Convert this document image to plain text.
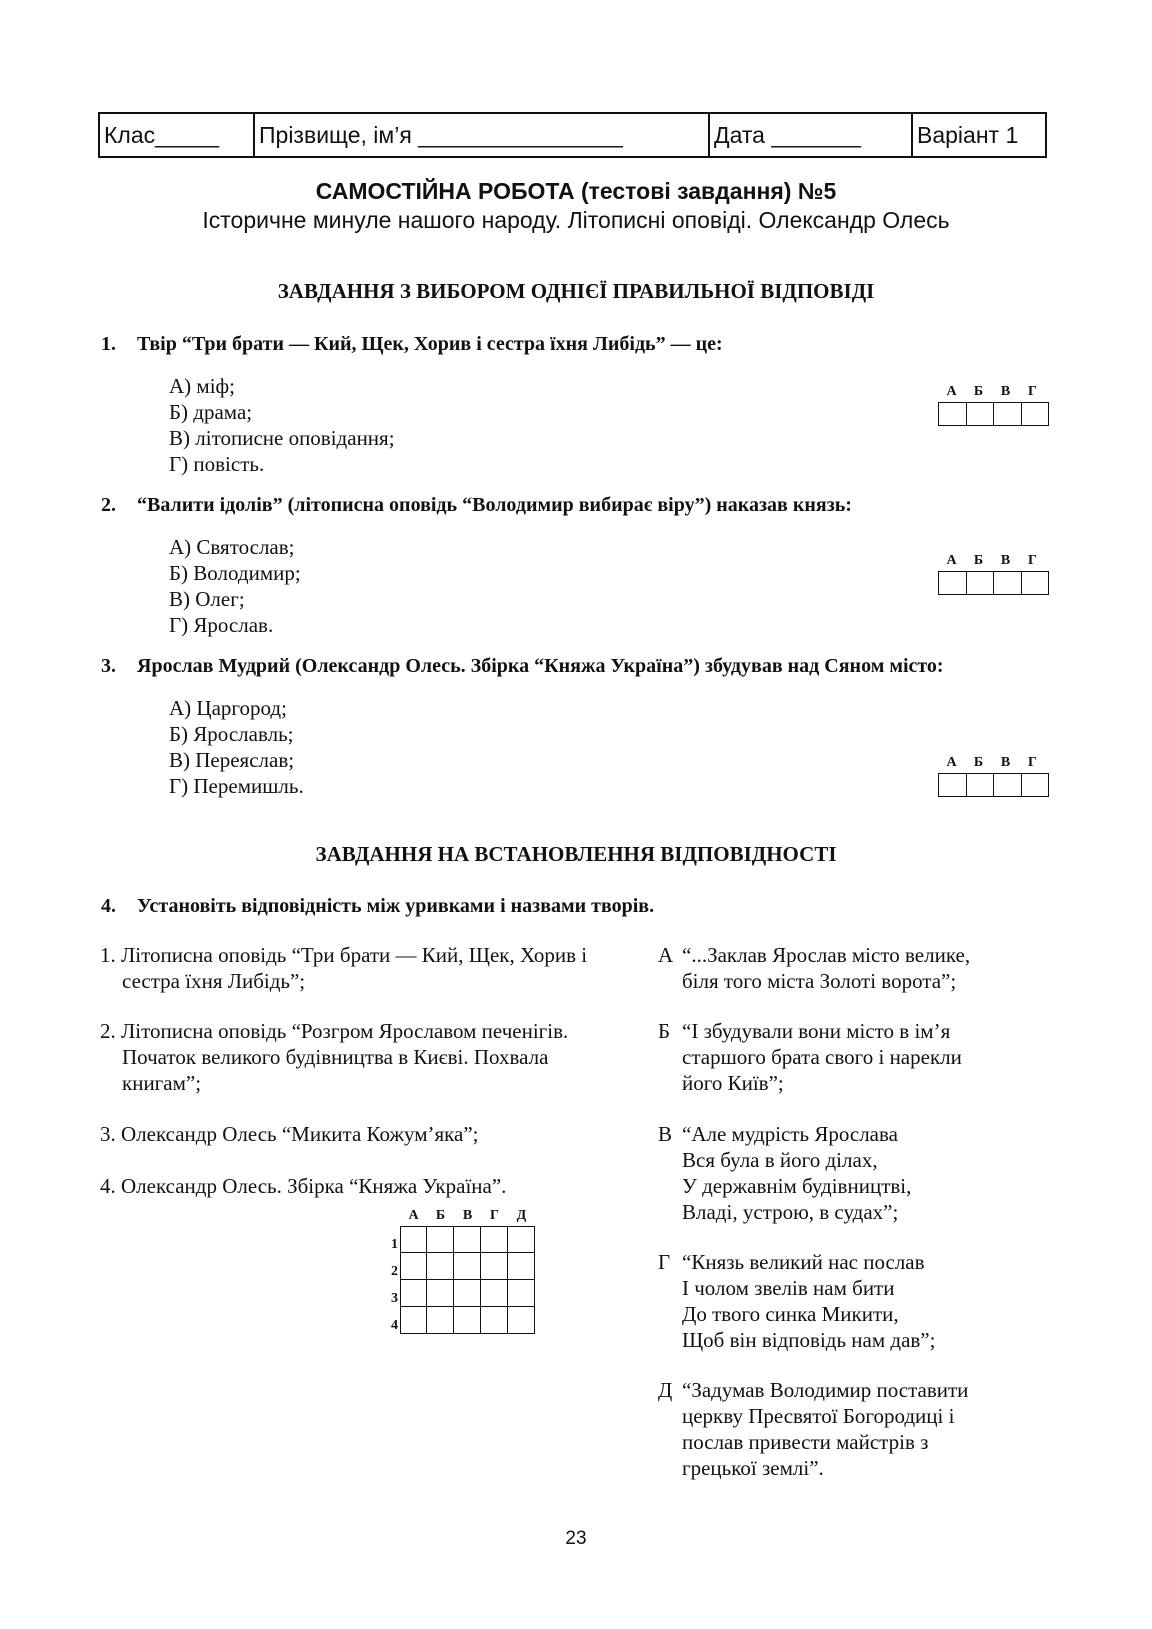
Клас_____ Прізвище, ім’я ________________	Дата _______ Варіант 1
САМОСТІЙНА РОБОТА (тестові завдання) №5
Історичне минуле нашого народу. Літописні оповіді. Олександр Олесь
ЗАВДАННЯ З ВИБОРОМ ОДНІЄЇ ПРАВИЛЬНОЇ ВІДПОВІДІ
1. Твір “Три брати — Кий, Щек, Хорив і сестра їхня Либідь” — це:
А) міф;
Б) драма;
В) літописне оповідання;
Г) повість.
А	Б	В	Г
2. “Валити ідолів” (літописна оповідь “Володимир вибирає віру”) наказав князь:
А) Святослав;
Б) Володимир;
В) Олег;
Г) Ярослав.
А	Б	В	Г
3. Ярослав Мудрий (Олександр Олесь. Збірка “Княжа Україна”) збудував над Сяном місто:
А) Царгород;
Б) Ярославль;
В) Переяслав;
Г) Перемишль.
А	Б	В	Г
ЗАВДАННЯ НА ВСТАНОВЛЕННЯ ВІДПОВІДНОСТІ
4. Установіть відповідність між уривками і назвами творів.
1. Літописна оповідь “Три брати — Кий, Щек, Хорив і сестра їхня Либідь”;
2. Літописна оповідь “Розгром Ярославом печенігів. Початок великого будівництва в Києві. Похвала книгам”;
3. Олександр Олесь “Микита Кожум’яка”;
4. Олександр Олесь. Збірка “Княжа Україна”.
А “...Заклав Ярослав місто велике,
біля того міста Золоті ворота”;
Б “І збудували вони місто в ім’я
старшого брата свого і нарекли
його Київ”;
В “Але мудрість Ярослава
Вся була в його ділах,
У державнім будівництві,
Владі, устрою, в судах”;
Г “Князь великий нас послав
І чолом звелів нам бити
До твого синка Микити,
Щоб він відповідь нам дав”;
Д “Задумав Володимир поставити
церкву Пресвятої Богородиці і
послав привести майстрів з
грецької землі”.
А	Б	В	Г	Д
1
2
3
4
23
